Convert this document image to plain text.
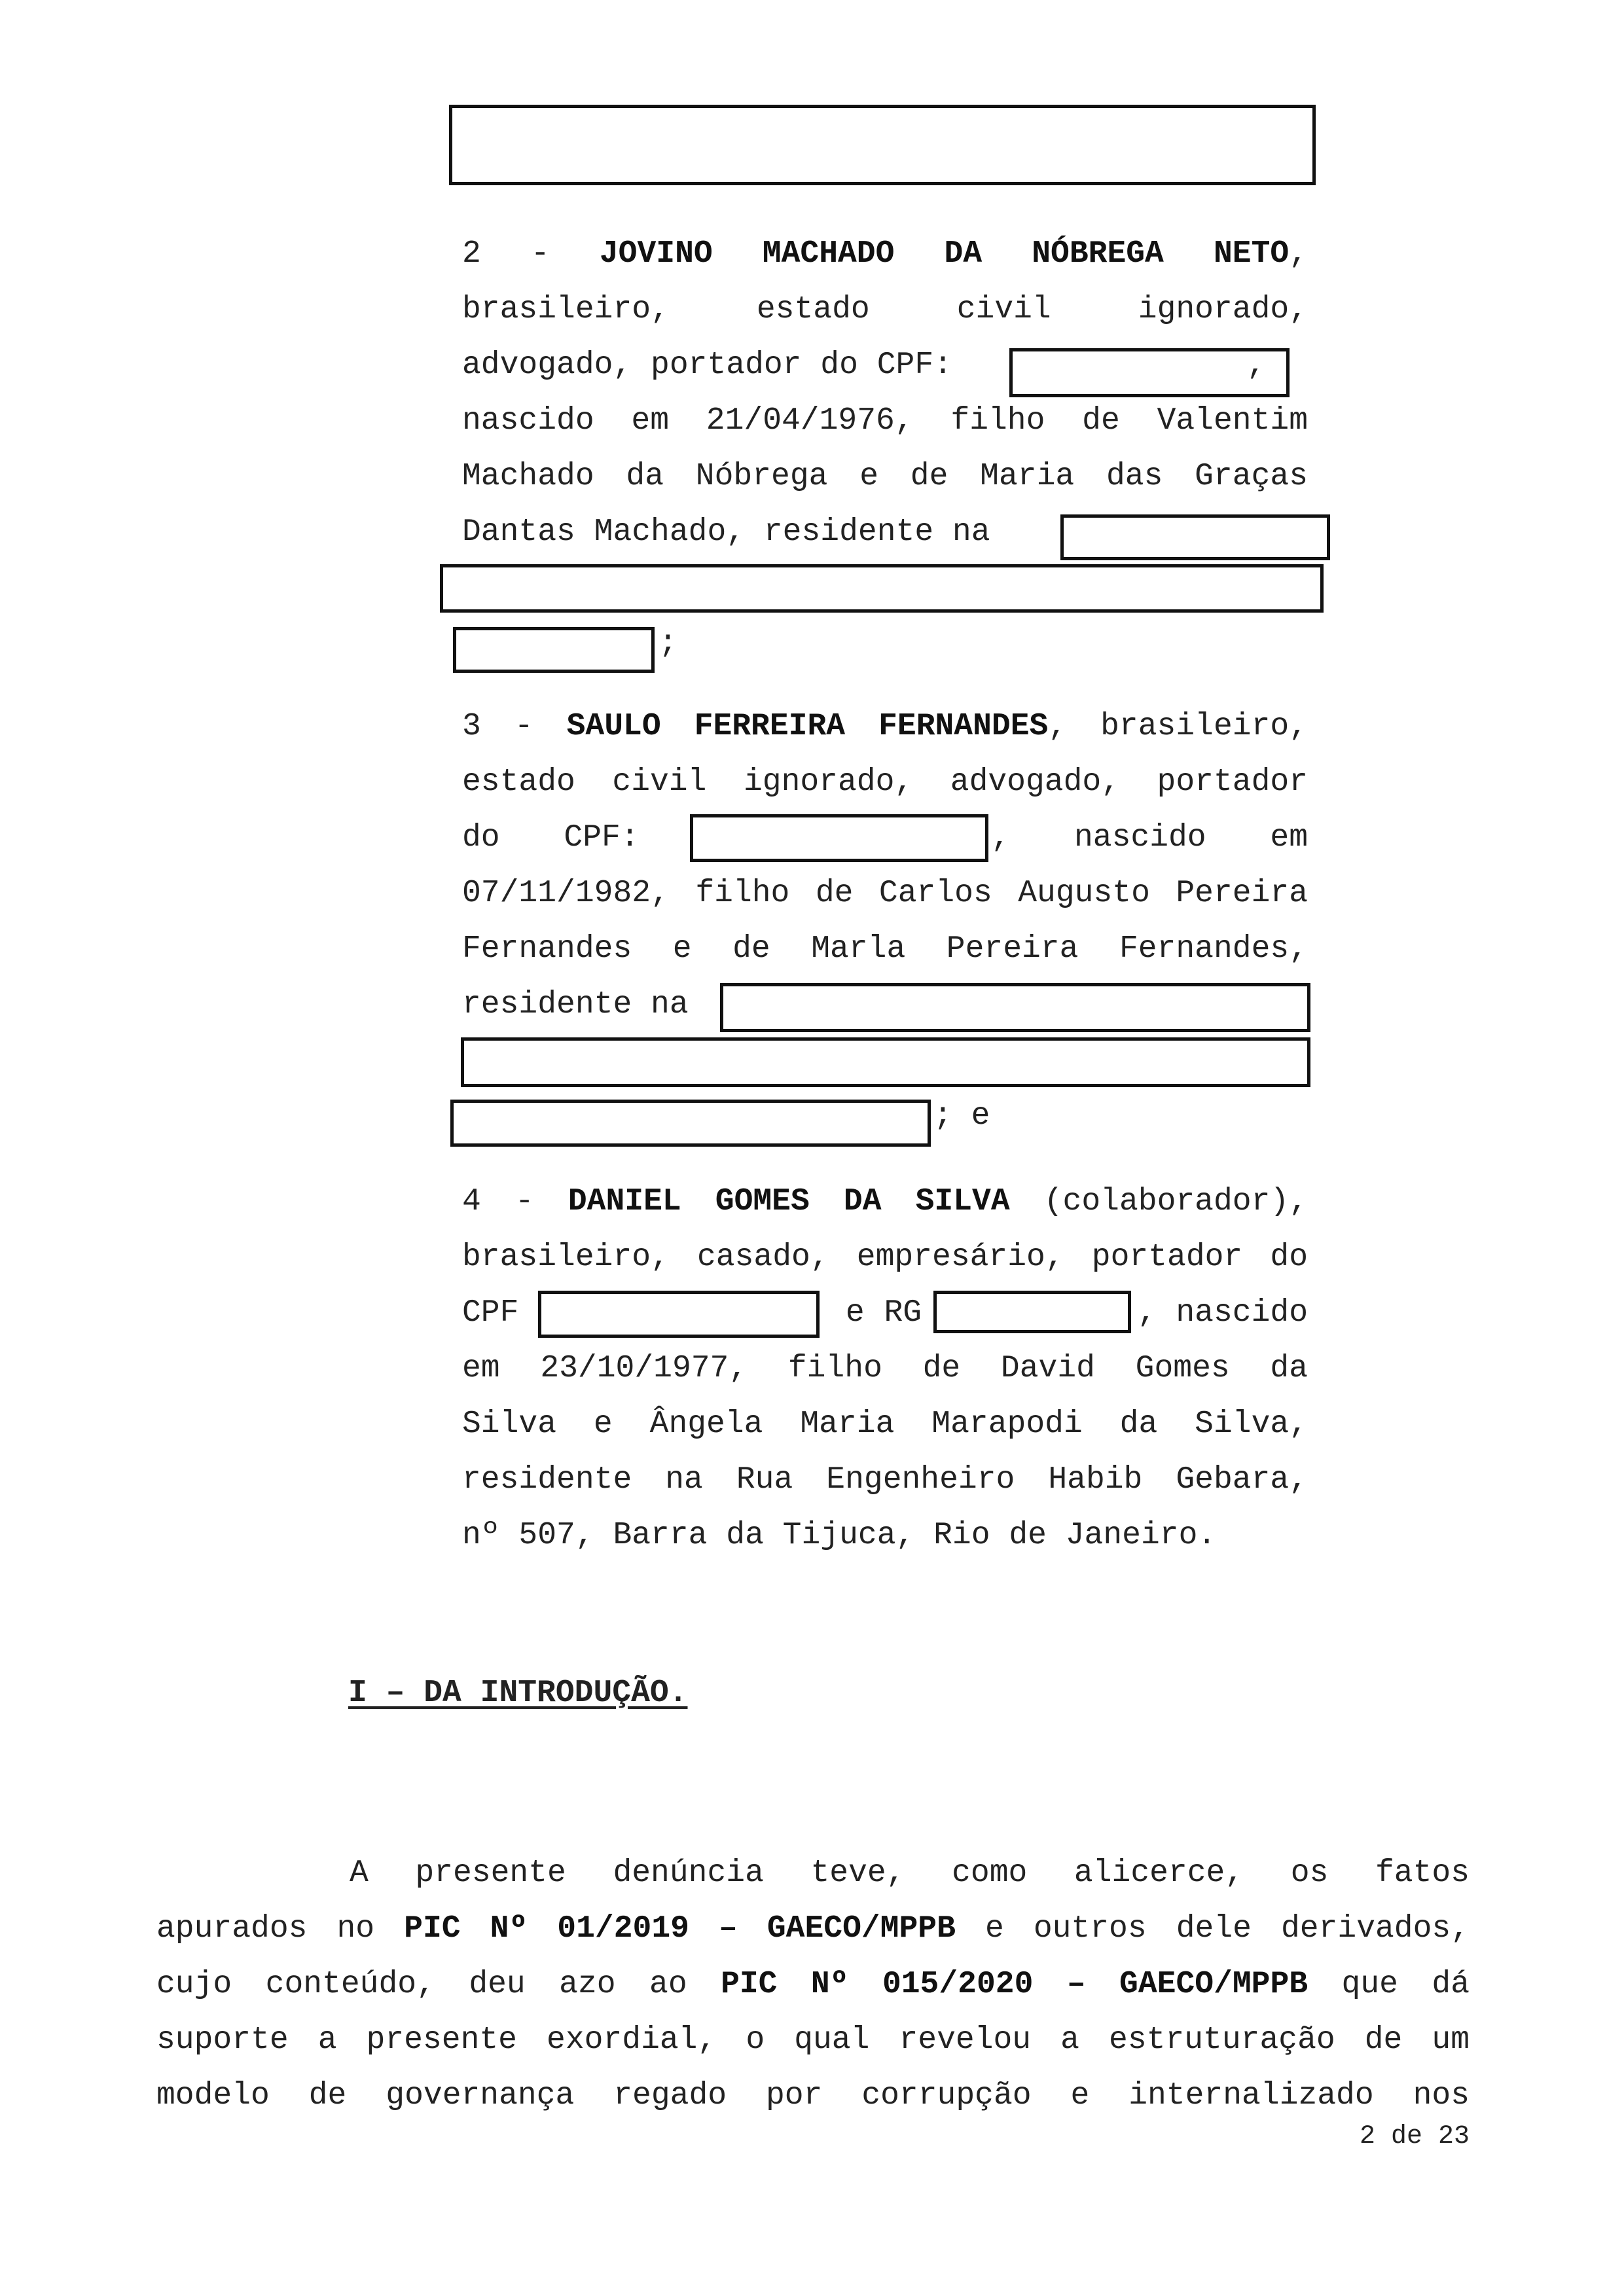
2 - JOVINO MACHADO DA NÓBREGA NETO,
brasileiro, estado civil ignorado,
advogado, portador do CPF:	,
nascido em 21/04/1976, filho de Valentim
Machado da Nóbrega e de Maria das Graças
Dantas Machado, residente na
;
3 - SAULO FERREIRA FERNANDES, brasileiro,
estado civil ignorado, advogado, portador
do CPF:	, nascido em
07/11/1982, filho de Carlos Augusto Pereira
Fernandes e de Marla Pereira Fernandes,
residente na
; e
4 - DANIEL GOMES DA SILVA (colaborador),
brasileiro, casado, empresário, portador do
CPF	e RG	, nascido
em 23/10/1977, filho de David Gomes da
Silva e Ângela Maria Marapodi da Silva,
residente na Rua Engenheiro Habib Gebara,
nº 507, Barra da Tijuca, Rio de Janeiro.

I – DA INTRODUÇÃO.

A presente denúncia teve, como alicerce, os fatos
apurados no PIC Nº 01/2019 – GAECO/MPPB e outros dele derivados,
cujo conteúdo, deu azo ao PIC Nº 015/2020 – GAECO/MPPB que dá
suporte a presente exordial, o qual revelou a estruturação de um
modelo de governança regado por corrupção e internalizado nos

2 de 23
